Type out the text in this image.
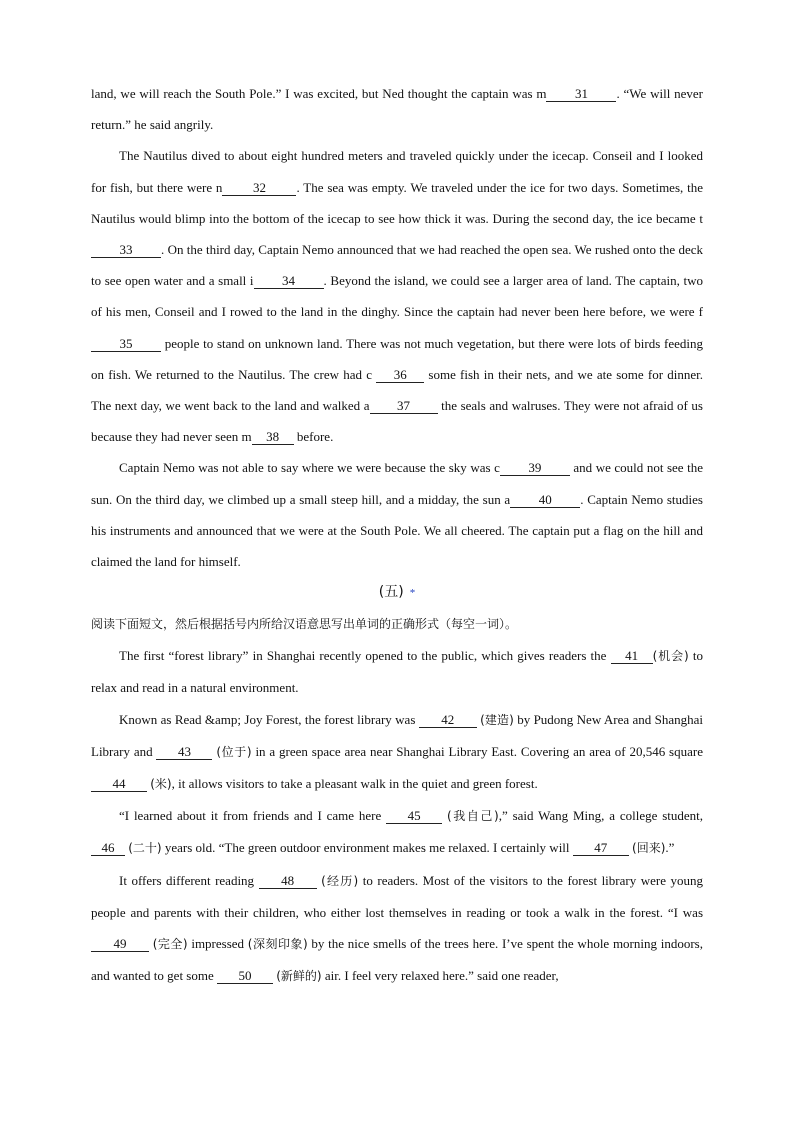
land, we will reach the South Pole.” I was excited, but Ned thought the captain was m 31 . “We will never return.” he said angrily.

The Nautilus dived to about eight hundred meters and traveled quickly under the icecap. Conseil and I looked for fish, but there were n 32 . The sea was empty. We traveled under the ice for two days. Sometimes, the Nautilus would blimp into the bottom of the icecap to see how thick it was. During the second day, the ice became t33 . On the third day, Captain Nemo announced that we had reached the open sea. We rushed onto the deck to see open water and a small i 34 . Beyond the island, we could see a larger area of land. The captain, two of his men, Conseil and I rowed to the land in the dinghy. Since the captain had never been here before, we were f35 people to stand on unknown land. There was not much vegetation, but there were lots of birds feeding on fish. We returned to the Nautilus. The crew had c 36 some fish in their nets, and we ate some for dinner. The next day, we went back to the land and walked a 37 the seals and walruses. They were not afraid of us because they had never seen m 38 before.

Captain Nemo was not able to say where we were because the sky was c 39 and we could not see the sun. On the third day, we climbed up a small steep hill, and a midday, the sun a 40 . Captain Nemo studies his instruments and announced that we were at the South Pole. We all cheered. The captain put a flag on the hill and claimed the land for himself.

(五) *

阅读下面短文，然后根据括号内所给汉语意思写出单词的正确形式（每空一词）。

The first “forest library” in Shanghai recently opened to the public, which gives readers the 41 (机会) to relax and read in a natural environment.

Known as Read &amp; Joy Forest, the forest library was 42 (建造) by Pudong New Area and Shanghai Library and 43 (位于) in a green space area near Shanghai Library East. Covering an area of 20,546 square 44 (米), it allows visitors to take a pleasant walk in the quiet and green forest.

“I learned about it from friends and I came here 45 (我自己),” said Wang Ming, a college student, 46 (二十) years old. “The green outdoor environment makes me relaxed. I certainly will 47 (回来).”

It offers different reading 48 (经历) to readers. Most of the visitors to the forest library were young people and parents with their children, who either lost themselves in reading or took a walk in the forest. “I was 49 (完全) impressed (深刻印象) by the nice smells of the trees here. I’ve spent the whole morning indoors, and wanted to get some 50 (新鲜的) air. I feel very relaxed here.” said one reader,
